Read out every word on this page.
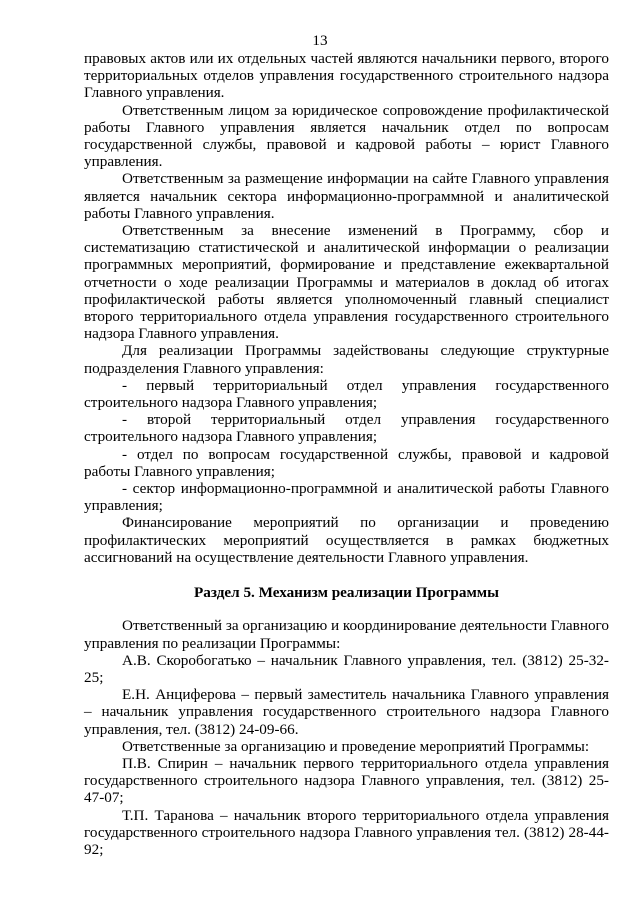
13

правовых актов или их отдельных частей являются начальники первого, второго территориальных отделов управления государственного строительного надзора Главного управления.

Ответственным лицом за юридическое сопровождение профилактической работы Главного управления является начальник отдел по вопросам государственной службы, правовой и кадровой работы – юрист Главного управления.

Ответственным за размещение информации на сайте Главного управления является начальник сектора информационно-программной и аналитической работы Главного управления.

Ответственным за внесение изменений в Программу, сбор и систематизацию статистической и аналитической информации о реализации программных мероприятий, формирование и представление ежеквартальной отчетности о ходе реализации Программы и материалов в доклад об итогах профилактической работы является уполномоченный главный специалист второго территориального отдела управления государственного строительного надзора Главного управления.

Для реализации Программы задействованы следующие структурные подразделения Главного управления:

- первый территориальный отдел управления государственного строительного надзора Главного управления;

- второй территориальный отдел управления государственного строительного надзора Главного управления;

- отдел по вопросам государственной службы, правовой и кадровой работы Главного управления;

- сектор информационно-программной и аналитической работы Главного управления;

Финансирование мероприятий по организации и проведению профилактических мероприятий осуществляется в рамках бюджетных ассигнований на осуществление деятельности Главного управления.

Раздел 5. Механизм реализации Программы

Ответственный за организацию и координирование деятельности Главного управления по реализации Программы:

А.В. Скоробогатько – начальник Главного управления, тел. (3812) 25-32-25;

Е.Н. Анциферова – первый заместитель начальника Главного управления – начальник управления государственного строительного надзора Главного управления, тел. (3812) 24-09-66.

Ответственные за организацию и проведение мероприятий Программы:

П.В. Спирин – начальник первого территориального отдела управления государственного строительного надзора Главного управления, тел. (3812) 25-47-07;

Т.П. Таранова – начальник второго территориального отдела управления государственного строительного надзора Главного управления тел. (3812) 28-44-92;
